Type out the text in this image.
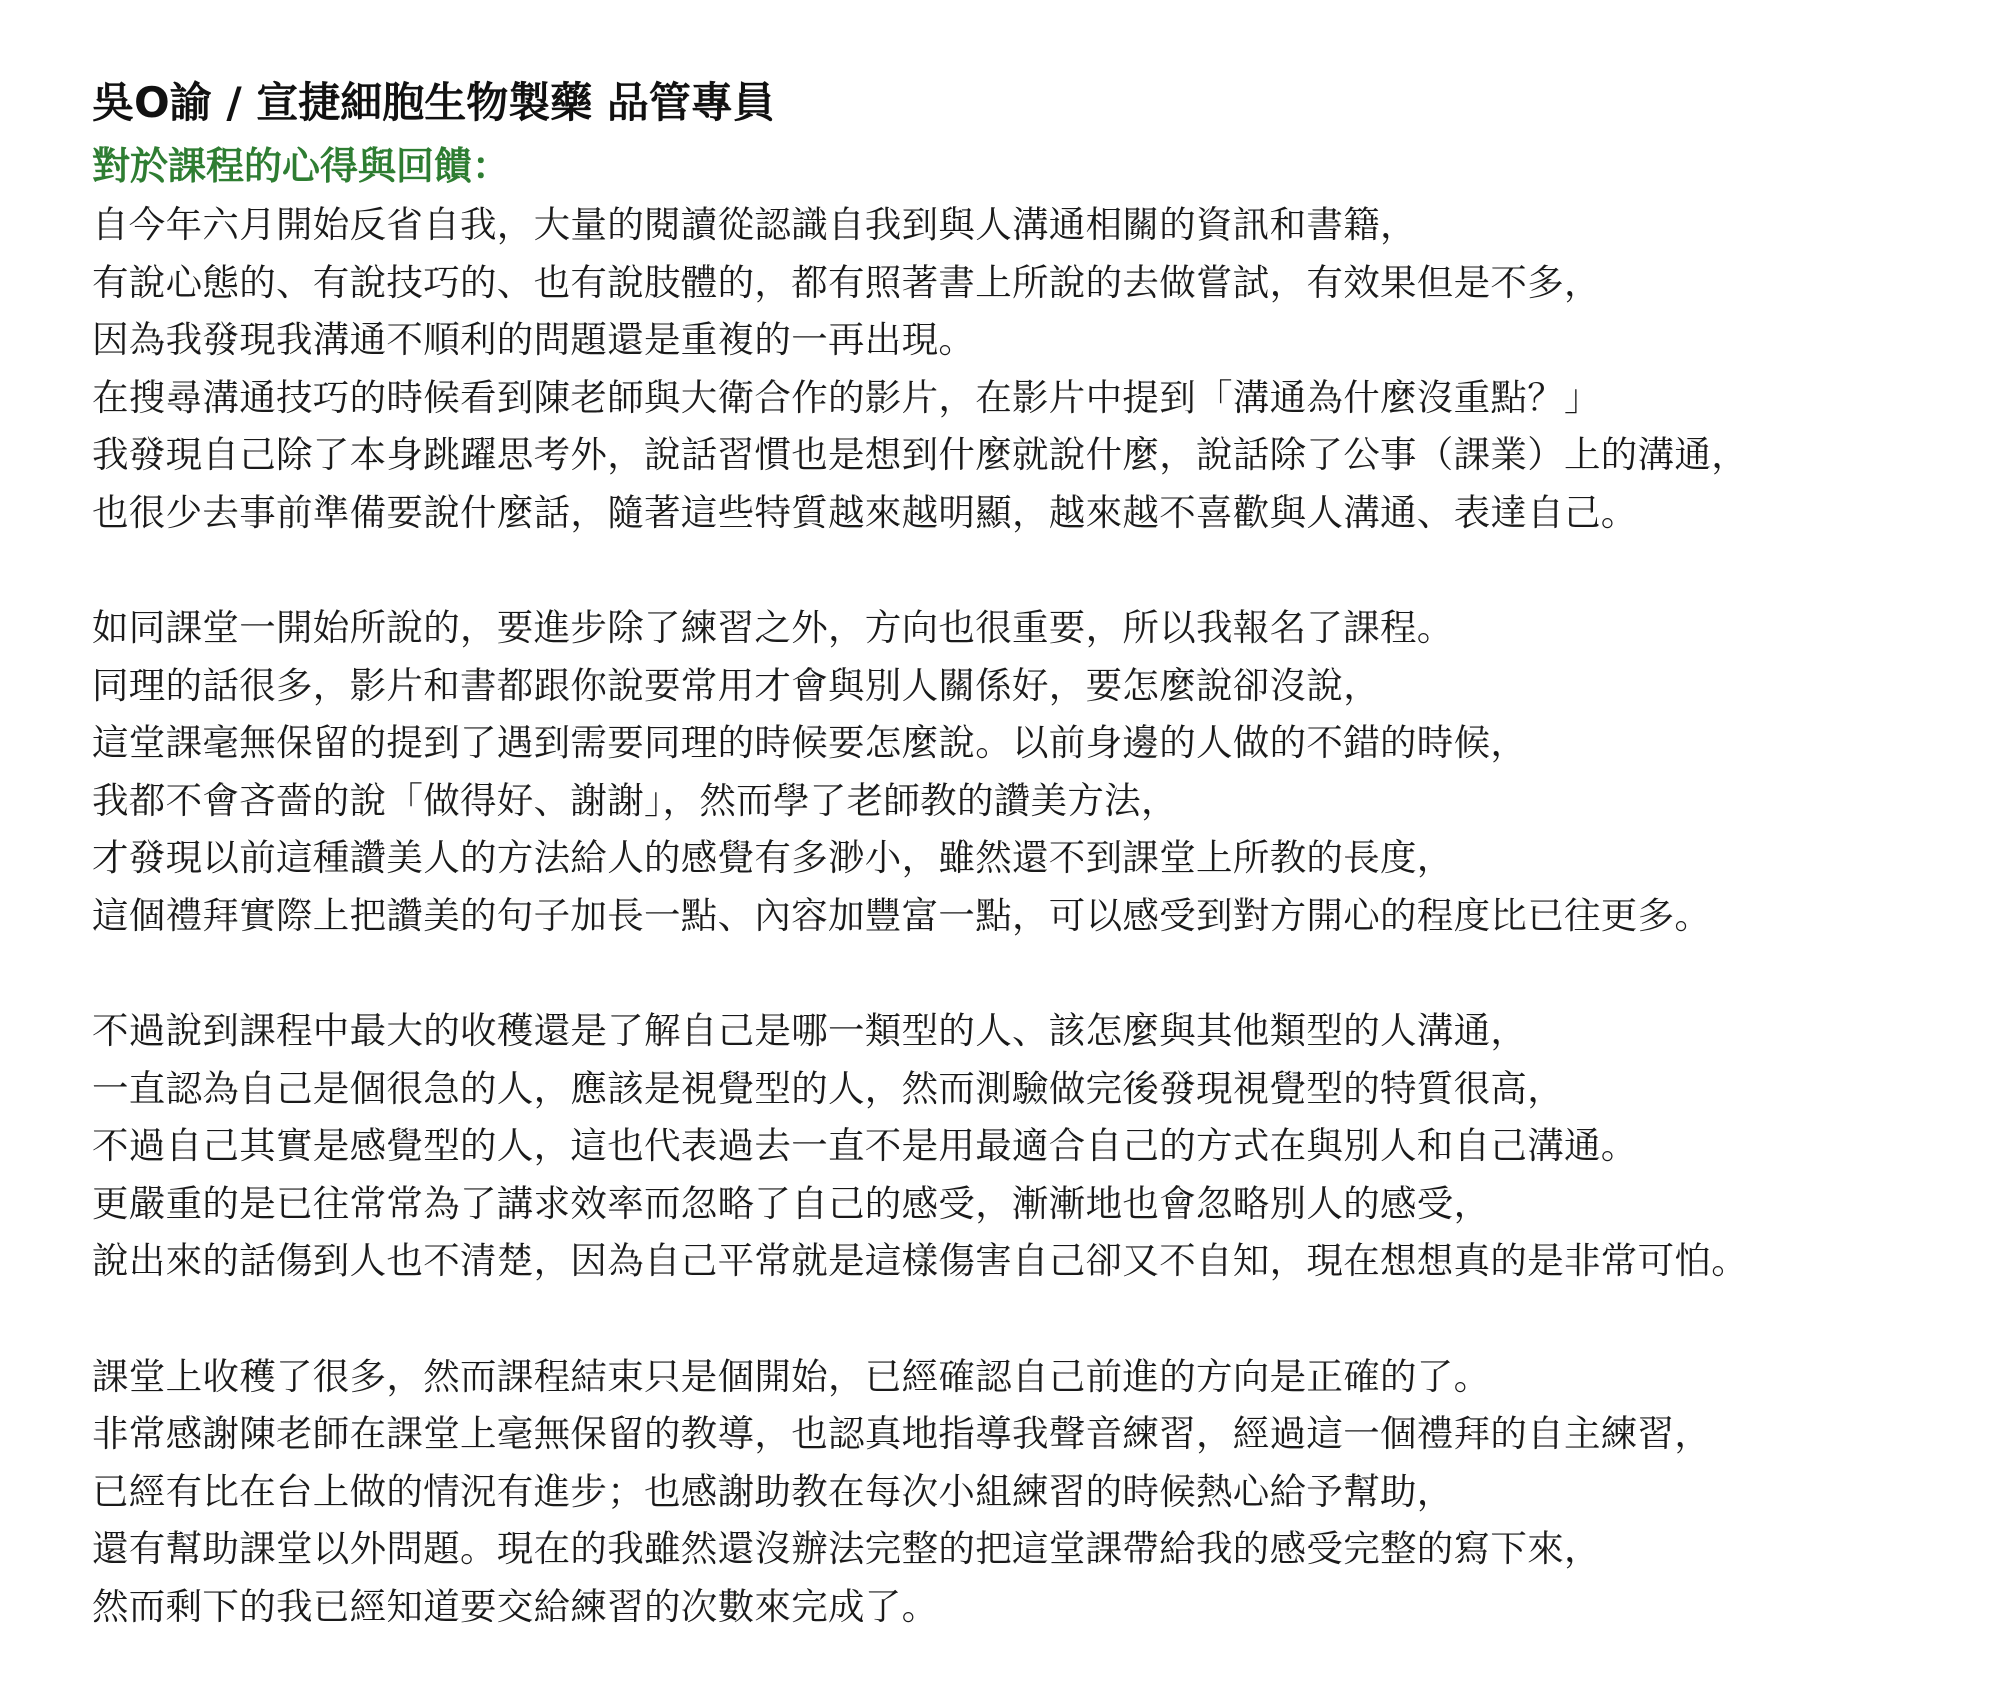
吳O諭 / 宣捷細胞生物製藥 品管專員
對於課程的心得與回饋：
自今年六月開始反省自我，大量的閱讀從認識自我到與人溝通相關的資訊和書籍，
有說心態的、有說技巧的、也有說肢體的，都有照著書上所說的去做嘗試，有效果但是不多，
因為我發現我溝通不順利的問題還是重複的一再出現。
在搜尋溝通技巧的時候看到陳老師與大衛合作的影片，在影片中提到「溝通為什麼沒重點？」
我發現自己除了本身跳躍思考外，說話習慣也是想到什麼就說什麼，說話除了公事（課業）上的溝通，
也很少去事前準備要說什麼話，隨著這些特質越來越明顯，越來越不喜歡與人溝通、表達自己。
如同課堂一開始所說的，要進步除了練習之外，方向也很重要，所以我報名了課程。
同理的話很多，影片和書都跟你說要常用才會與別人關係好，要怎麼說卻沒說，
這堂課毫無保留的提到了遇到需要同理的時候要怎麼說。以前身邊的人做的不錯的時候，
我都不會吝嗇的說「做得好、謝謝」，然而學了老師教的讚美方法，
才發現以前這種讚美人的方法給人的感覺有多渺小，雖然還不到課堂上所教的長度，
這個禮拜實際上把讚美的句子加長一點、內容加豐富一點，可以感受到對方開心的程度比已往更多。
不過說到課程中最大的收穫還是了解自己是哪一類型的人、該怎麼與其他類型的人溝通，
一直認為自己是個很急的人，應該是視覺型的人，然而測驗做完後發現視覺型的特質很高，
不過自己其實是感覺型的人，這也代表過去一直不是用最適合自己的方式在與別人和自己溝通。
更嚴重的是已往常常為了講求效率而忽略了自己的感受，漸漸地也會忽略別人的感受，
說出來的話傷到人也不清楚，因為自己平常就是這樣傷害自己卻又不自知，現在想想真的是非常可怕。
課堂上收穫了很多，然而課程結束只是個開始，已經確認自己前進的方向是正確的了。
非常感謝陳老師在課堂上毫無保留的教導，也認真地指導我聲音練習，經過這一個禮拜的自主練習，
已經有比在台上做的情況有進步；也感謝助教在每次小組練習的時候熱心給予幫助，
還有幫助課堂以外問題。現在的我雖然還沒辦法完整的把這堂課帶給我的感受完整的寫下來，
然而剩下的我已經知道要交給練習的次數來完成了。
